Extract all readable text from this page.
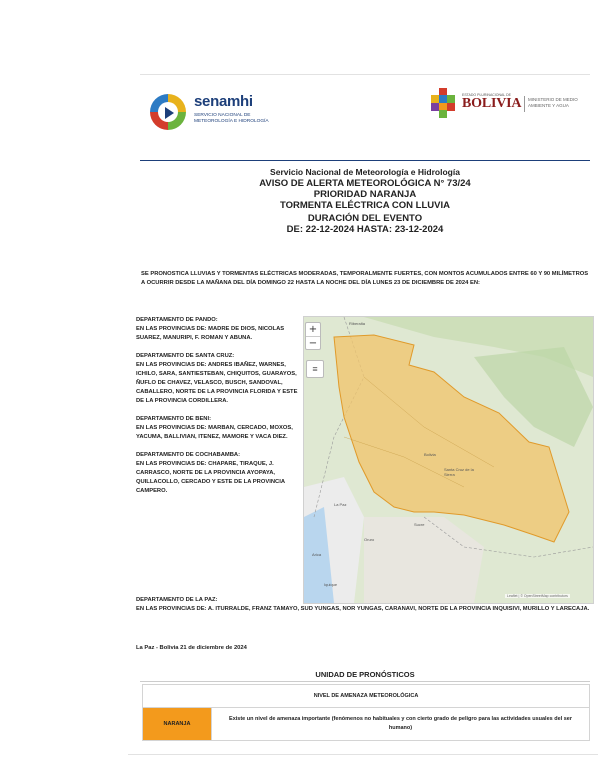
senamhi
SERVICIO NACIONAL DE METEOROLOGÍA E HIDROLOGÍA
ESTADO PLURINACIONAL DE
BOLIVIA MINISTERIO DE MEDIO AMBIENTE Y AGUA
Servicio Nacional de Meteorología e Hidrología
AVISO DE ALERTA METEOROLÓGICA N° 73/24
PRIORIDAD NARANJA
TORMENTA ELÉCTRICA CON LLUVIA
DURACIÓN DEL EVENTO
DE: 22-12-2024 HASTA: 23-12-2024
SE PRONOSTICA LLUVIAS Y TORMENTAS ELÉCTRICAS MODERADAS, TEMPORALMENTE FUERTES, CON MONTOS ACUMULADOS ENTRE 60 Y 90 MILÍMETROS A OCURRIR DESDE LA MAÑANA DEL DÍA DOMINGO 22 HASTA LA NOCHE DEL DÍA LUNES 23 DE DICIEMBRE DE 2024 EN:
DEPARTAMENTO DE PANDO:
EN LAS PROVINCIAS DE: MADRE DE DIOS, NICOLAS SUAREZ, MANURIPI, F. ROMAN Y ABUNA.
DEPARTAMENTO DE SANTA CRUZ:
EN LAS PROVINCIAS DE: ANDRES IBAÑEZ, WARNES, ICHILO, SARA, SANTIESTEBAN, CHIQUITOS, GUARAYOS, ÑUFLO DE CHAVEZ, VELASCO, BUSCH, SANDOVAL, CABALLERO, NORTE DE LA PROVINCIA FLORIDA Y ESTE DE LA PROVINCIA CORDILLERA.
DEPARTAMENTO DE BENI:
EN LAS PROVINCIAS DE: MARBAN, CERCADO, MOXOS, YACUMA, BALLIVIAN, ITENEZ, MAMORE Y VACA DIEZ.
DEPARTAMENTO DE COCHABAMBA:
EN LAS PROVINCIAS DE: CHAPARE, TIRAQUE, J. CARRASCO, NORTE DE LA PROVINCIA AYOPAYA, QUILLACOLLO, CERCADO Y ESTE DE LA PROVINCIA CAMPERO.
Riberalta
Bolivia
Santa Cruz de la Sierra
La Paz
Sucre
Oruro
Arica
Iquique
+
−
≡
Leaflet | © OpenStreetMap contributors
DEPARTAMENTO DE LA PAZ:
EN LAS PROVINCIAS DE: A. ITURRALDE, FRANZ TAMAYO, SUD YUNGAS, NOR YUNGAS, CARANAVI, NORTE DE LA PROVINCIA INQUISIVI, MURILLO Y LARECAJA.
La Paz - Bolivia 21 de diciembre de 2024
UNIDAD DE PRONÓSTICOS
NIVEL DE AMENAZA METEOROLÓGICA
NARANJA	Existe un nivel de amenaza importante (fenómenos no habituales y con cierto grado de peligro para las actividades usuales del ser humano)
